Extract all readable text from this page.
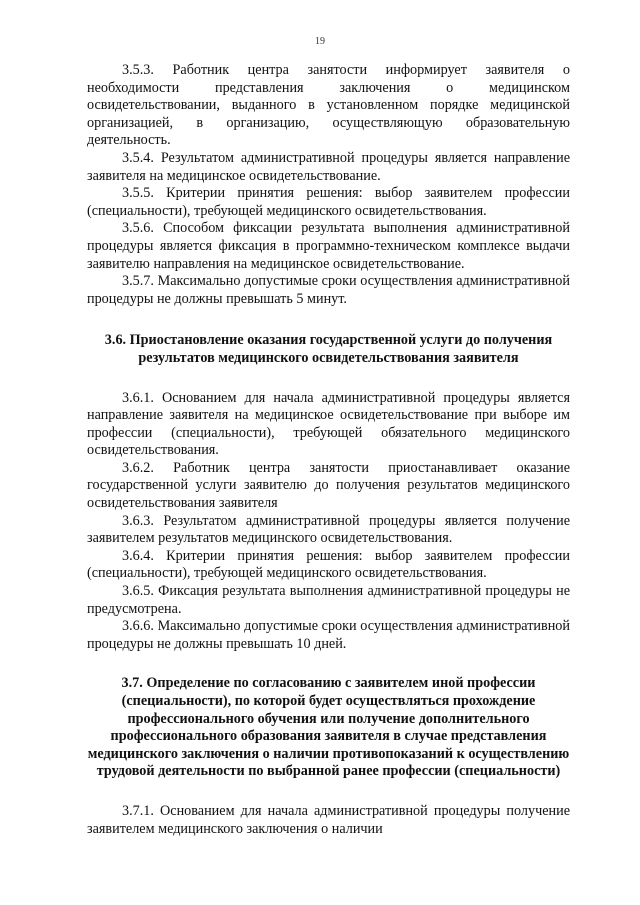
19

3.5.3. Работник центра занятости информирует заявителя о необходимости представления заключения о медицинском освидетельствовании, выданного в установленном порядке медицинской организацией, в организацию, осуществляющую образовательную деятельность.

3.5.4. Результатом административной процедуры является направление заявителя на медицинское освидетельствование.

3.5.5. Критерии принятия решения: выбор заявителем профессии (специальности), требующей медицинского освидетельствования.

3.5.6. Способом фиксации результата выполнения административной процедуры является фиксация в программно-техническом комплексе выдачи заявителю направления на медицинское освидетельствование.

3.5.7. Максимально допустимые сроки осуществления административной процедуры не должны превышать 5 минут.

3.6. Приостановление оказания государственной услуги до получения результатов медицинского освидетельствования заявителя

3.6.1. Основанием для начала административной процедуры является направление заявителя на медицинское освидетельствование при выборе им профессии (специальности), требующей обязательного медицинского освидетельствования.

3.6.2. Работник центра занятости приостанавливает оказание государственной услуги заявителю до получения результатов медицинского освидетельствования заявителя

3.6.3. Результатом административной процедуры является получение заявителем результатов медицинского освидетельствования.

3.6.4. Критерии принятия решения: выбор заявителем профессии (специальности), требующей медицинского освидетельствования.

3.6.5. Фиксация результата выполнения административной процедуры не предусмотрена.

3.6.6. Максимально допустимые сроки осуществления административной процедуры не должны превышать 10 дней.

3.7. Определение по согласованию с заявителем иной профессии (специальности), по которой будет осуществляться прохождение профессионального обучения или получение дополнительного профессионального образования заявителя в случае представления медицинского заключения о наличии противопоказаний к осуществлению трудовой деятельности по выбранной ранее профессии (специальности)

3.7.1. Основанием для начала административной процедуры получение заявителем медицинского заключения о наличии
